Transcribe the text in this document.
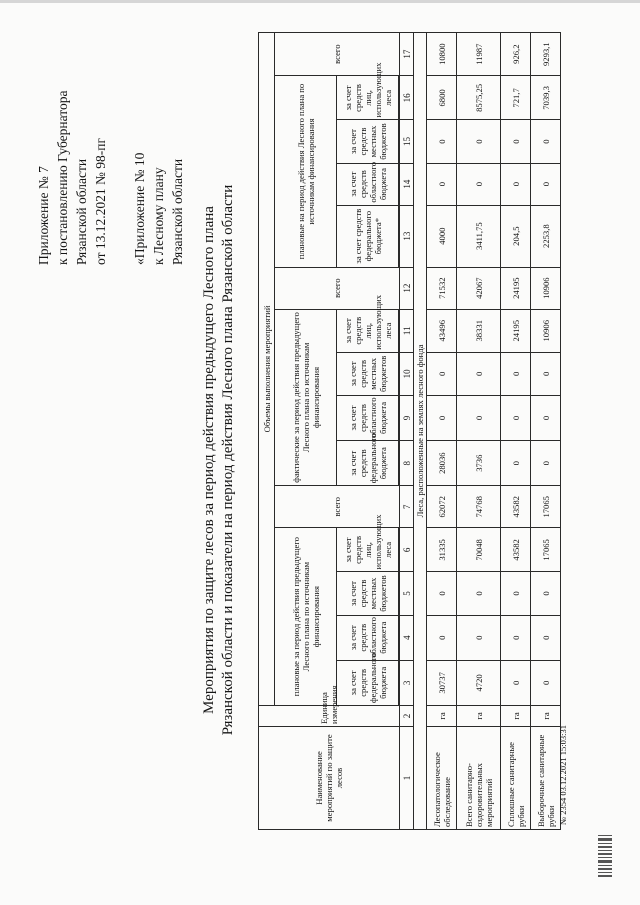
Приложение № 7 к постановлению Губернатора Рязанской области от 13.12.2021 № 98-пг «Приложение № 10 к Лесному плану Рязанской области Мероприятия по защите лесов за период действия предыдущего Лесного плана Рязанской области и показатели на период действия Лесного плана Рязанской области
Наименование мероприятий по защите лесов	Единица измерения	Объемы выполнения мероприятий														
		плановые за период действия предыдущего Лесного плана по источникам финансирования				всего	фактические за период действия предыдущего Лесного плана по источникам финансирования				всего	плановые на период действия Лесного плана по источникам финансирования				всего
		за счет средств федерального бюджета	за счет средств областного бюджета	за счет средств местных бюджетов	за счет средств лиц, использующих леса		за счет средств федерального бюджета	за счет средств областного бюджета	за счет средств местных бюджетов	за счет средств лиц, использующих леса		за счет средств федерального бюджета*	за счет средств областного бюджета	за счет средств местных бюджетов	за счет средств лиц, использующих леса	

1	2	3	4	5	6	7	8	9	10	11	12	13	14	15	16	17
Леса, расположенные на землях лесного фонда																
Лесопатологическое обследование	га	30737	0	0	31335	62072	28036	0	0	43496	71532	4000	0	0	6800	10800
Всего санитарно-оздоровительных мероприятий	га	4720	0	0	70048	74768	3736	0	0	38331	42067	3411,75	0	0	8575,25	11987
Сплошные санитарные рубки	га	0	0	0	43582	43582	0	0	0	24195	24195	204,5	0	0	721,7	926,2
Выборочные санитарные рубки	га	0	0	0	17065	17065	0	0	0	10906	10906	2253,8	0	0	7039,3	9293,1
№ 2354 03.12.2021 15:03:31
